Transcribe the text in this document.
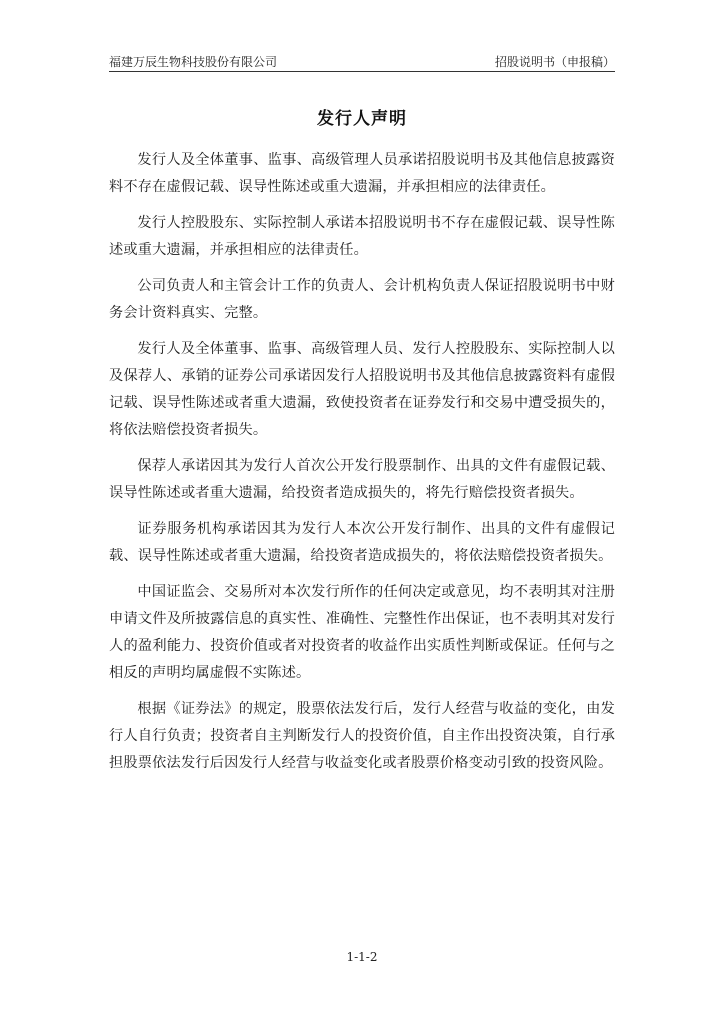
福建万辰生物科技股份有限公司	招股说明书（申报稿）
发行人声明

发行人及全体董事、监事、高级管理人员承诺招股说明书及其他信息披露资料不存在虚假记载、误导性陈述或重大遗漏，并承担相应的法律责任。

发行人控股股东、实际控制人承诺本招股说明书不存在虚假记载、误导性陈述或重大遗漏，并承担相应的法律责任。

公司负责人和主管会计工作的负责人、会计机构负责人保证招股说明书中财务会计资料真实、完整。

发行人及全体董事、监事、高级管理人员、发行人控股股东、实际控制人以及保荐人、承销的证券公司承诺因发行人招股说明书及其他信息披露资料有虚假记载、误导性陈述或者重大遗漏，致使投资者在证券发行和交易中遭受损失的，将依法赔偿投资者损失。

保荐人承诺因其为发行人首次公开发行股票制作、出具的文件有虚假记载、误导性陈述或者重大遗漏，给投资者造成损失的，将先行赔偿投资者损失。

证券服务机构承诺因其为发行人本次公开发行制作、出具的文件有虚假记载、误导性陈述或者重大遗漏，给投资者造成损失的，将依法赔偿投资者损失。

中国证监会、交易所对本次发行所作的任何决定或意见，均不表明其对注册申请文件及所披露信息的真实性、准确性、完整性作出保证，也不表明其对发行人的盈利能力、投资价值或者对投资者的收益作出实质性判断或保证。任何与之相反的声明均属虚假不实陈述。

根据《证券法》的规定，股票依法发行后，发行人经营与收益的变化，由发行人自行负责；投资者自主判断发行人的投资价值，自主作出投资决策，自行承担股票依法发行后因发行人经营与收益变化或者股票价格变动引致的投资风险。

1-1-2
